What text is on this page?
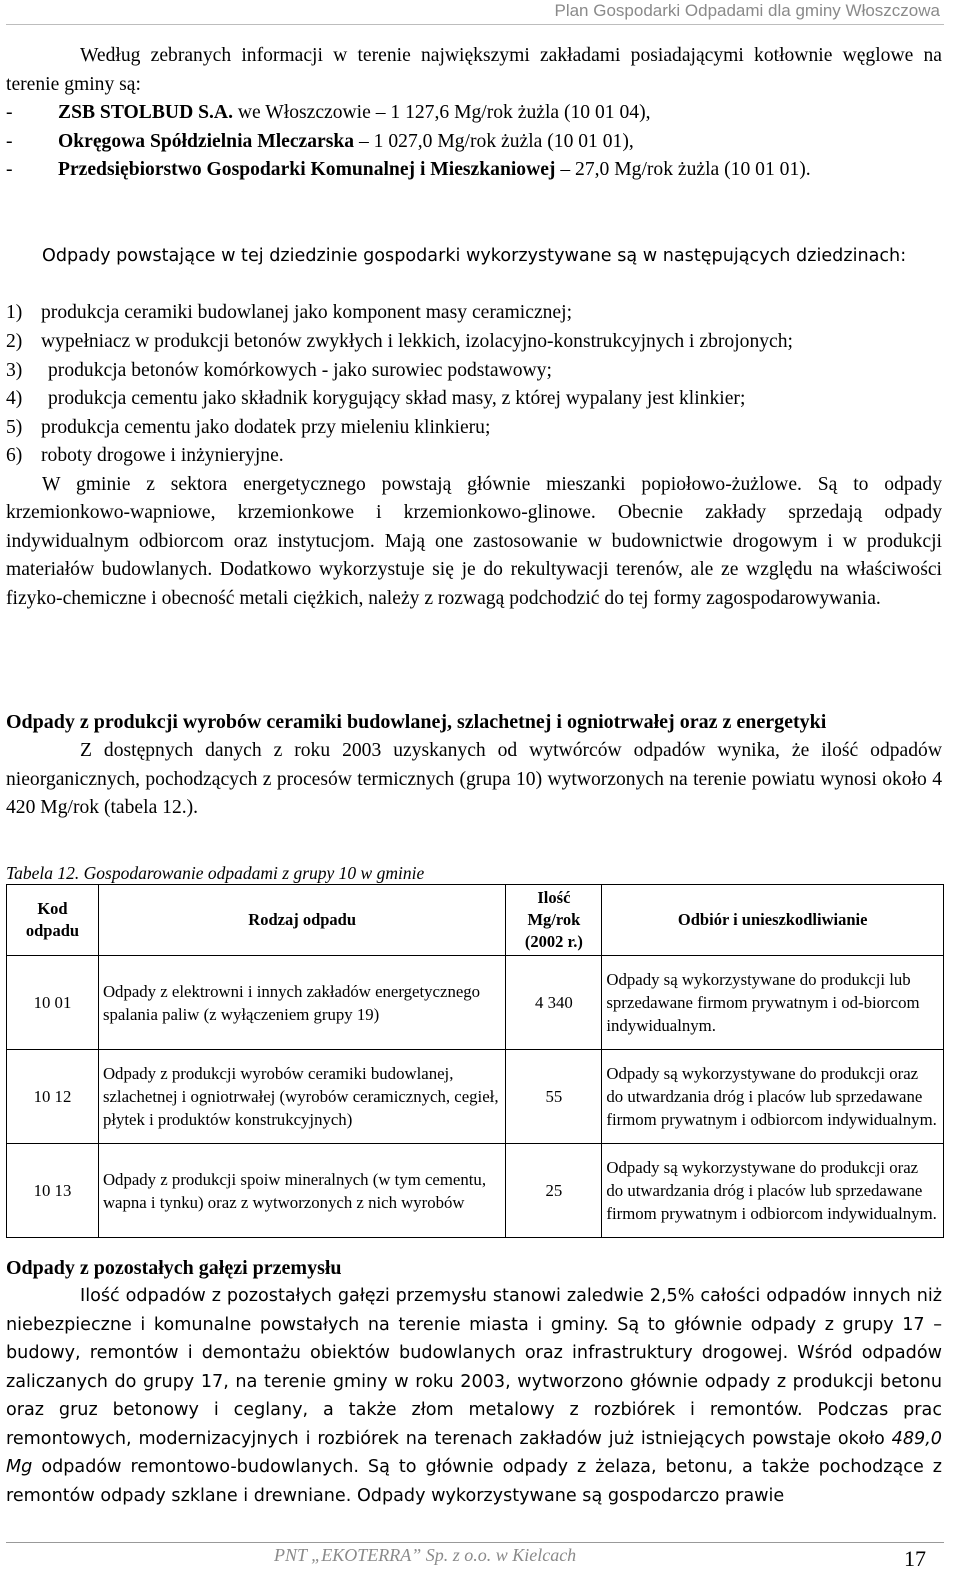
Plan Gospodarki Odpadami dla gminy Włoszczowa

Według zebranych informacji w terenie największymi zakładami posiadającymi kotłownie węglowe na terenie gminy są:

-	ZSB STOLBUD S.A. we Włoszczowie – 1 127,6 Mg/rok żużla (10 01 04),
-	Okręgowa Spółdzielnia Mleczarska – 1 027,0 Mg/rok żużla (10 01 01),
-	Przedsiębiorstwo Gospodarki Komunalnej i Mieszkaniowej – 27,0 Mg/rok żużla (10 01 01).

Odpady powstające w tej dziedzinie gospodarki wykorzystywane są w następujących dziedzinach:

1) produkcja ceramiki budowlanej jako komponent masy ceramicznej;
2) wypełniacz w produkcji betonów zwykłych i lekkich, izolacyjno-konstrukcyjnych i zbrojonych;
3)	produkcja betonów komórkowych - jako surowiec podstawowy;
4)	produkcja cementu jako składnik korygujący skład masy, z której wypalany jest klinkier;
5) produkcja cementu jako dodatek przy mieleniu klinkieru;
6) roboty drogowe i inżynieryjne.

W gminie z sektora energetycznego powstają głównie mieszanki popiołowo-żużlowe. Są to odpady krzemionkowo-wapniowe, krzemionkowe i krzemionkowo-glinowe. Obecnie zakłady sprzedają odpady indywidualnym odbiorcom oraz instytucjom. Mają one zastosowanie w budownictwie drogowym i w produkcji materiałów budowlanych. Dodatkowo wykorzystuje się je do rekultywacji terenów, ale ze względu na właściwości fizyko-chemiczne i obecność metali ciężkich, należy z rozwagą podchodzić do tej formy zagospodarowywania.

Odpady z produkcji wyrobów ceramiki budowlanej, szlachetnej i ogniotrwałej oraz z energetyki

Z dostępnych danych z roku 2003 uzyskanych od wytwórców odpadów wynika, że ilość odpadów nieorganicznych, pochodzących z procesów termicznych (grupa 10) wytworzonych na terenie powiatu wynosi około 4 420 Mg/rok (tabela 12.).

Tabela 12. Gospodarowanie odpadami z grupy 10 w gminie
Kod odpadu	Rodzaj odpadu	Ilość Mg/rok (2002 r.)	Odbiór i unieszkodliwianie
10 01	Odpady z elektrowni i innych zakładów energetycznego spalania paliw (z wyłączeniem grupy 19)	4 340	Odpady są wykorzystywane do produkcji lub sprzedawane firmom prywatnym i od-biorcom indywidualnym.
10 12	Odpady z produkcji wyrobów ceramiki budowlanej, szlachetnej i ogniotrwałej (wyrobów ceramicznych, cegieł, płytek i produktów konstrukcyjnych)	55	Odpady są wykorzystywane do produkcji oraz do utwardzania dróg i placów lub sprzedawane firmom prywatnym i odbiorcom indywidualnym.
10 13	Odpady z produkcji spoiw mineralnych (w tym cementu, wapna i tynku) oraz z wytworzonych z nich wyrobów	25	Odpady są wykorzystywane do produkcji oraz do utwardzania dróg i placów lub sprzedawane firmom prywatnym i odbiorcom indywidualnym.
Odpady z pozostałych gałęzi przemysłu

Ilość odpadów z pozostałych gałęzi przemysłu stanowi zaledwie 2,5% całości odpadów innych niż niebezpieczne i komunalne powstałych na terenie miasta i gminy. Są to głównie odpady z grupy 17 – budowy, remontów i demontażu obiektów budowlanych oraz infrastruktury drogowej. Wśród odpadów zaliczanych do grupy 17, na terenie gminy w roku 2003, wytworzono głównie odpady z produkcji betonu oraz gruz betonowy i ceglany, a także złom metalowy z rozbiórek i remontów. Podczas prac remontowych, modernizacyjnych i rozbiórek na terenach zakładów już istniejących powstaje około 489,0 Mg odpadów remontowo-budowlanych. Są to głównie odpady z żelaza, betonu, a także pochodzące z remontów odpady szklane i drewniane. Odpady wykorzystywane są gospodarczo prawie

PNT „EKOTERRA” Sp. z o.o. w Kielcach	17
